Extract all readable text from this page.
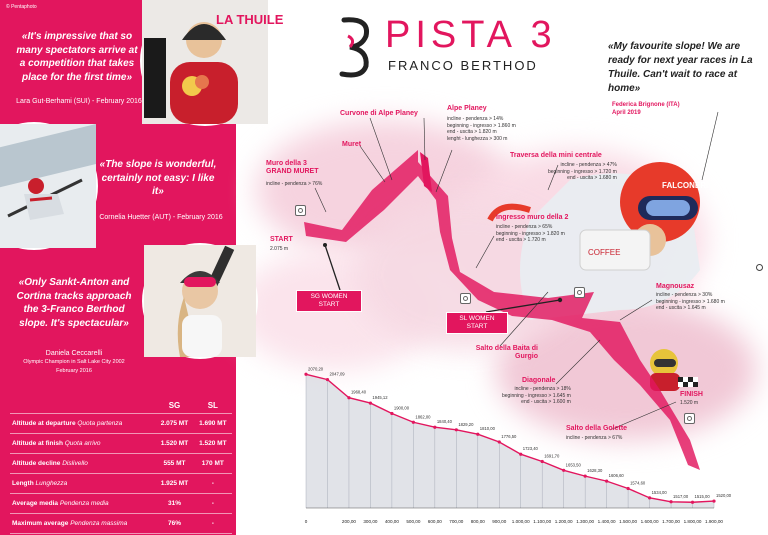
© Pentaphoto
LA THUILE
«It's impressive that so many spectators arrive at a competition that takes place for the first time»
Lara Gut-Berhami (SUI) - February 2016
«The slope is wonderful, certainly not easy: I like it»
Cornelia Huetter (AUT) - February 2016
«Only Sankt-Anton and Cortina tracks approach the 3-Franco Berthod slope. It's spectacular»
Daniela Ceccarelli
Olympic Champion in Salt Lake City 2002
February 2016
	SG	SL
Altitude at departure Quota partenza	2.075 MT	1.690 MT
Altitude at finish Quota arrivo	1.520 MT	1.520 MT
Altitude decline Dislivello	555 MT	170 MT
Length Lunghezza	1.925 MT	-
Average media Pendenza media	31%	-
Maximum average Pendenza massima	76%	-
PISTA 3
FRANCO BERTHOD
«My favourite slope! We are ready for next year races in La Thuile. Can't wait to race at home»
Federica Brignone (ITA)
April 2019
FALCONERI
COFFEE
Muro della 3
GRAND MURET
incline - pendenza > 76%
START
2.075 m
Muret
Curvone di Alpe Planey
Alpe Planey
incline - pendenza > 14%
beginning - ingresso > 1.860 m
end - uscita > 1.820 m
lenght - lunghezza > 300 m
Traversa della mini centrale
incline - pendenza > 47%
beginning - ingresso > 1.720 m
end - uscita > 1.680 m
Ingresso muro della 2
incline - pendenza > 65%
beginning - ingresso > 1.820 m
end - uscita > 1.720 m
Magnousaz
incline - pendenza > 30%
beginning - ingresso > 1.680 m
end - uscita > 1.645 m
Salto della Baita di Gurgio
Diagonale
incline - pendenza > 18%
beginning - ingresso > 1.645 m
end - uscita > 1.600 m
Salto della Golette
incline - pendenza > 67%
FINISH
1.520 m
SG WOMEN START
SL WOMEN START
2070,20
2047,09
1968,40
1945,12
1900,00
1862,00
1840,40
1829,20
1810,00
1776,50
1723,40
1691,70
1653,50
1628,30
1606,60
1574,60
1534,00
1517,00 1515,00 1520,00
0	200,00 300,00 400,00 500,00 600,00 700,00 800,00 900,00 1.000,00 1.100,00 1.200,00 1.300,00 1.400,00 1.500,00 1.600,00 1.700,00 1.800,00 1.900,00
